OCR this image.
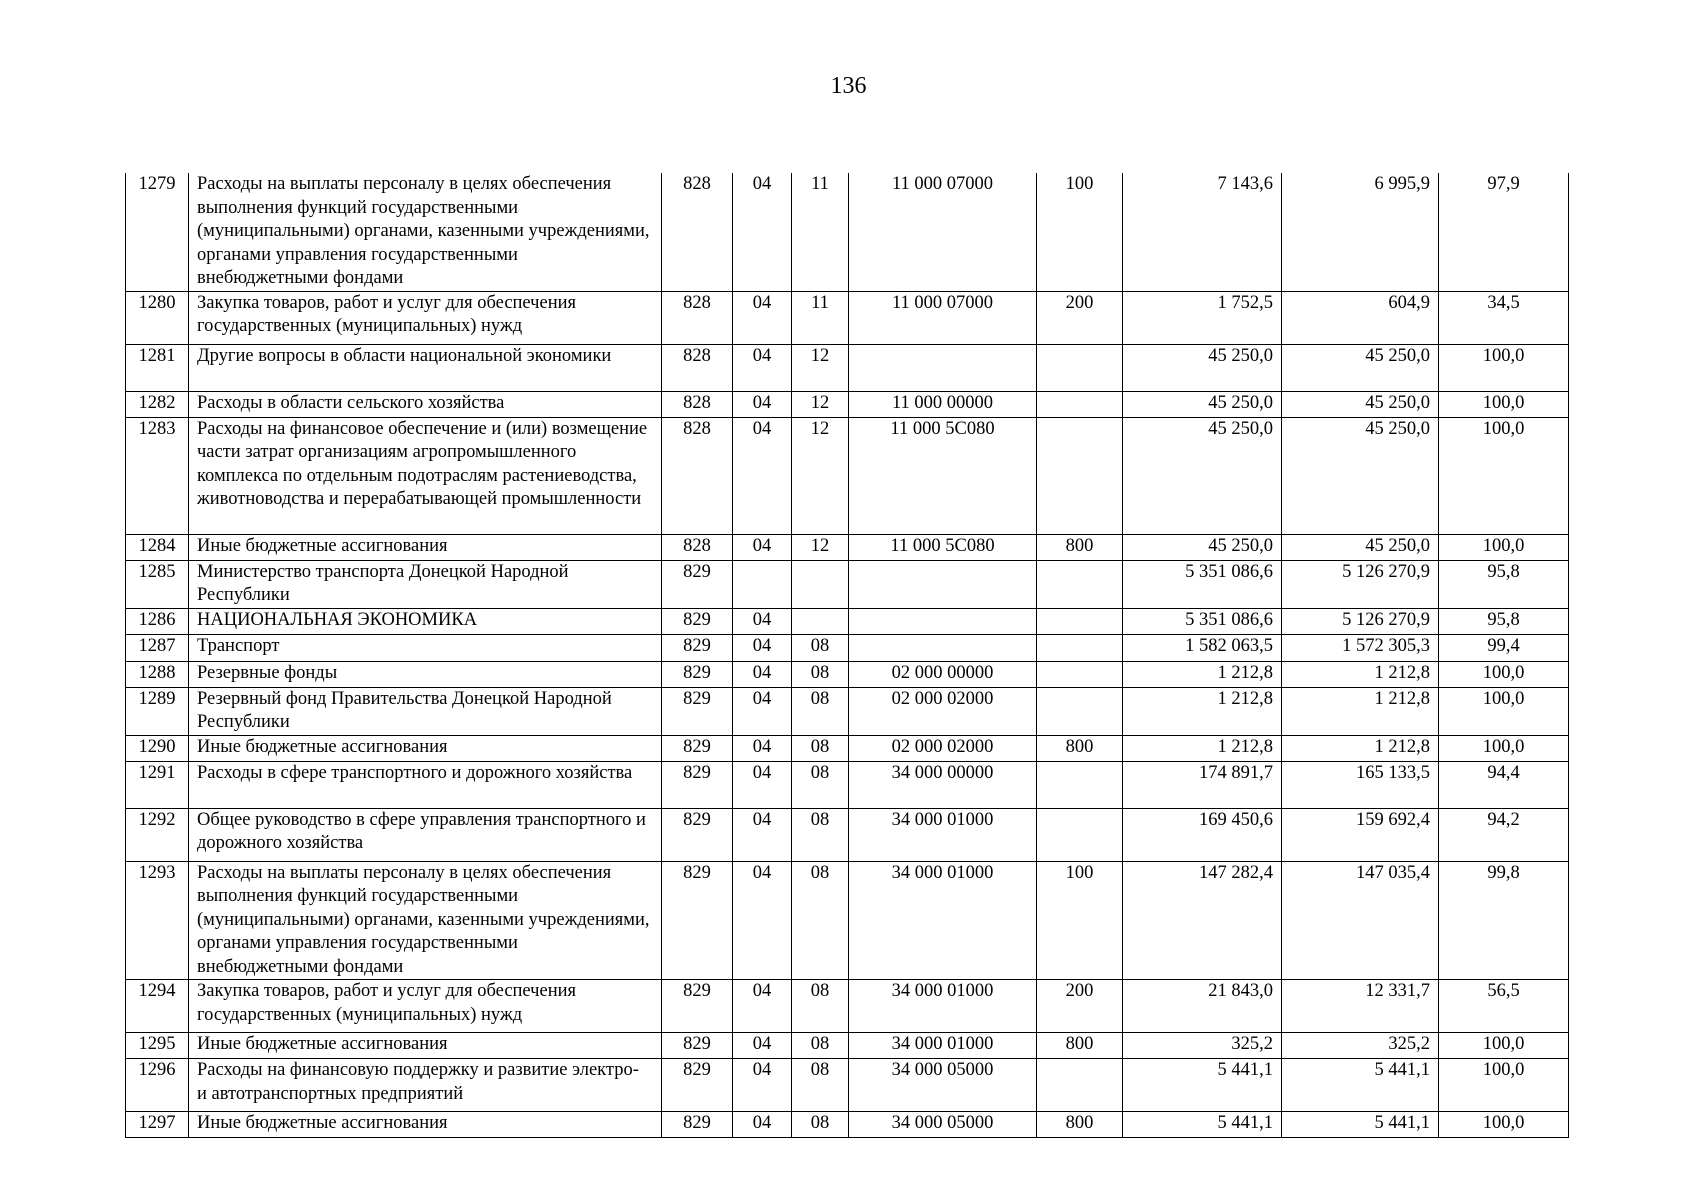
136
1279	Расходы на выплаты персоналу в целях обеспечения выполнения функций государственными (муниципальными) органами, казенными учреждениями, органами управления государственными внебюджетными фондами	828	04	11	11 000 07000	100	7 143,6	6 995,9	97,9
1280	Закупка товаров, работ и услуг для обеспечения государственных (муниципальных) нужд	828	04	11	11 000 07000	200	1 752,5	604,9	34,5
1281	Другие вопросы в области национальной экономики	828	04	12			45 250,0	45 250,0	100,0
1282	Расходы в области сельского хозяйства	828	04	12	11 000 00000		45 250,0	45 250,0	100,0
1283	Расходы на финансовое обеспечение и (или) возмещение части затрат организациям агропромышленного комплекса по отдельным подотраслям растениеводства, животноводства и перерабатывающей промышленности	828	04	12	11 000 5С080		45 250,0	45 250,0	100,0
1284	Иные бюджетные ассигнования	828	04	12	11 000 5С080	800	45 250,0	45 250,0	100,0
1285	Министерство транспорта Донецкой Народной Республики	829					5 351 086,6	5 126 270,9	95,8
1286	НАЦИОНАЛЬНАЯ ЭКОНОМИКА	829	04				5 351 086,6	5 126 270,9	95,8
1287	Транспорт	829	04	08			1 582 063,5	1 572 305,3	99,4
1288	Резервные фонды	829	04	08	02 000 00000		1 212,8	1 212,8	100,0
1289	Резервный фонд Правительства Донецкой Народной Республики	829	04	08	02 000 02000		1 212,8	1 212,8	100,0
1290	Иные бюджетные ассигнования	829	04	08	02 000 02000	800	1 212,8	1 212,8	100,0
1291	Расходы в сфере транспортного и дорожного хозяйства	829	04	08	34 000 00000		174 891,7	165 133,5	94,4
1292	Общее руководство в сфере управления транспортного и дорожного хозяйства	829	04	08	34 000 01000		169 450,6	159 692,4	94,2
1293	Расходы на выплаты персоналу в целях обеспечения выполнения функций государственными (муниципальными) органами, казенными учреждениями, органами управления государственными внебюджетными фондами	829	04	08	34 000 01000	100	147 282,4	147 035,4	99,8
1294	Закупка товаров, работ и услуг для обеспечения государственных (муниципальных) нужд	829	04	08	34 000 01000	200	21 843,0	12 331,7	56,5
1295	Иные бюджетные ассигнования	829	04	08	34 000 01000	800	325,2	325,2	100,0
1296	Расходы на финансовую поддержку и развитие электро- и автотранспортных предприятий	829	04	08	34 000 05000		5 441,1	5 441,1	100,0
1297	Иные бюджетные ассигнования	829	04	08	34 000 05000	800	5 441,1	5 441,1	100,0
